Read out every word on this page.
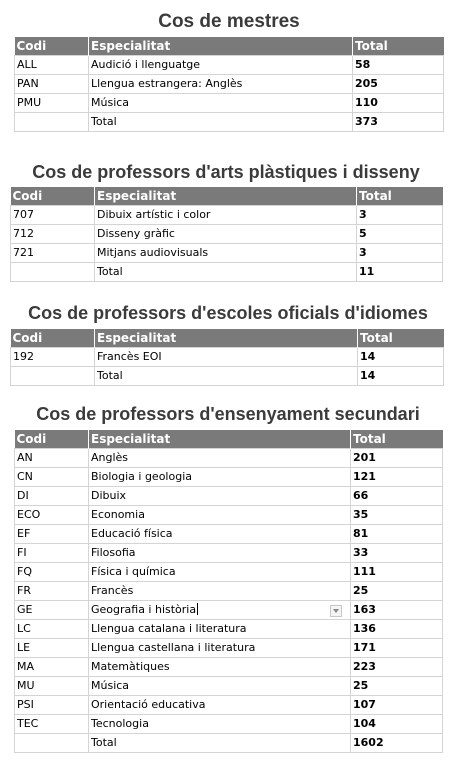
Cos de mestres
Codi	Especialitat	Total
ALL	Audició i llenguatge	58
PAN	Llengua estrangera: Anglès	205
PMU	Música	110
	Total	373
Cos de professors d'arts plàstiques i disseny
Codi	Especialitat	Total
707	Dibuix artístic i color	3
712	Disseny gràfic	5
721	Mitjans audiovisuals	3
	Total	11
Cos de professors d'escoles oficials d'idiomes
Codi	Especialitat	Total
192	Francès EOI	14
	Total	14
Cos de professors d'ensenyament secundari
Codi	Especialitat	Total
AN	Anglès	201
CN	Biologia i geologia	121
DI	Dibuix	66
ECO	Economia	35
EF	Educació física	81
FI	Filosofia	33
FQ	Física i química	111
FR	Francès	25
GE	Geografia i història	163
LC	Llengua catalana i literatura	136
LE	Llengua castellana i literatura	171
MA	Matemàtiques	223
MU	Música	25
PSI	Orientació educativa	107
TEC	Tecnologia	104
	Total	1602
